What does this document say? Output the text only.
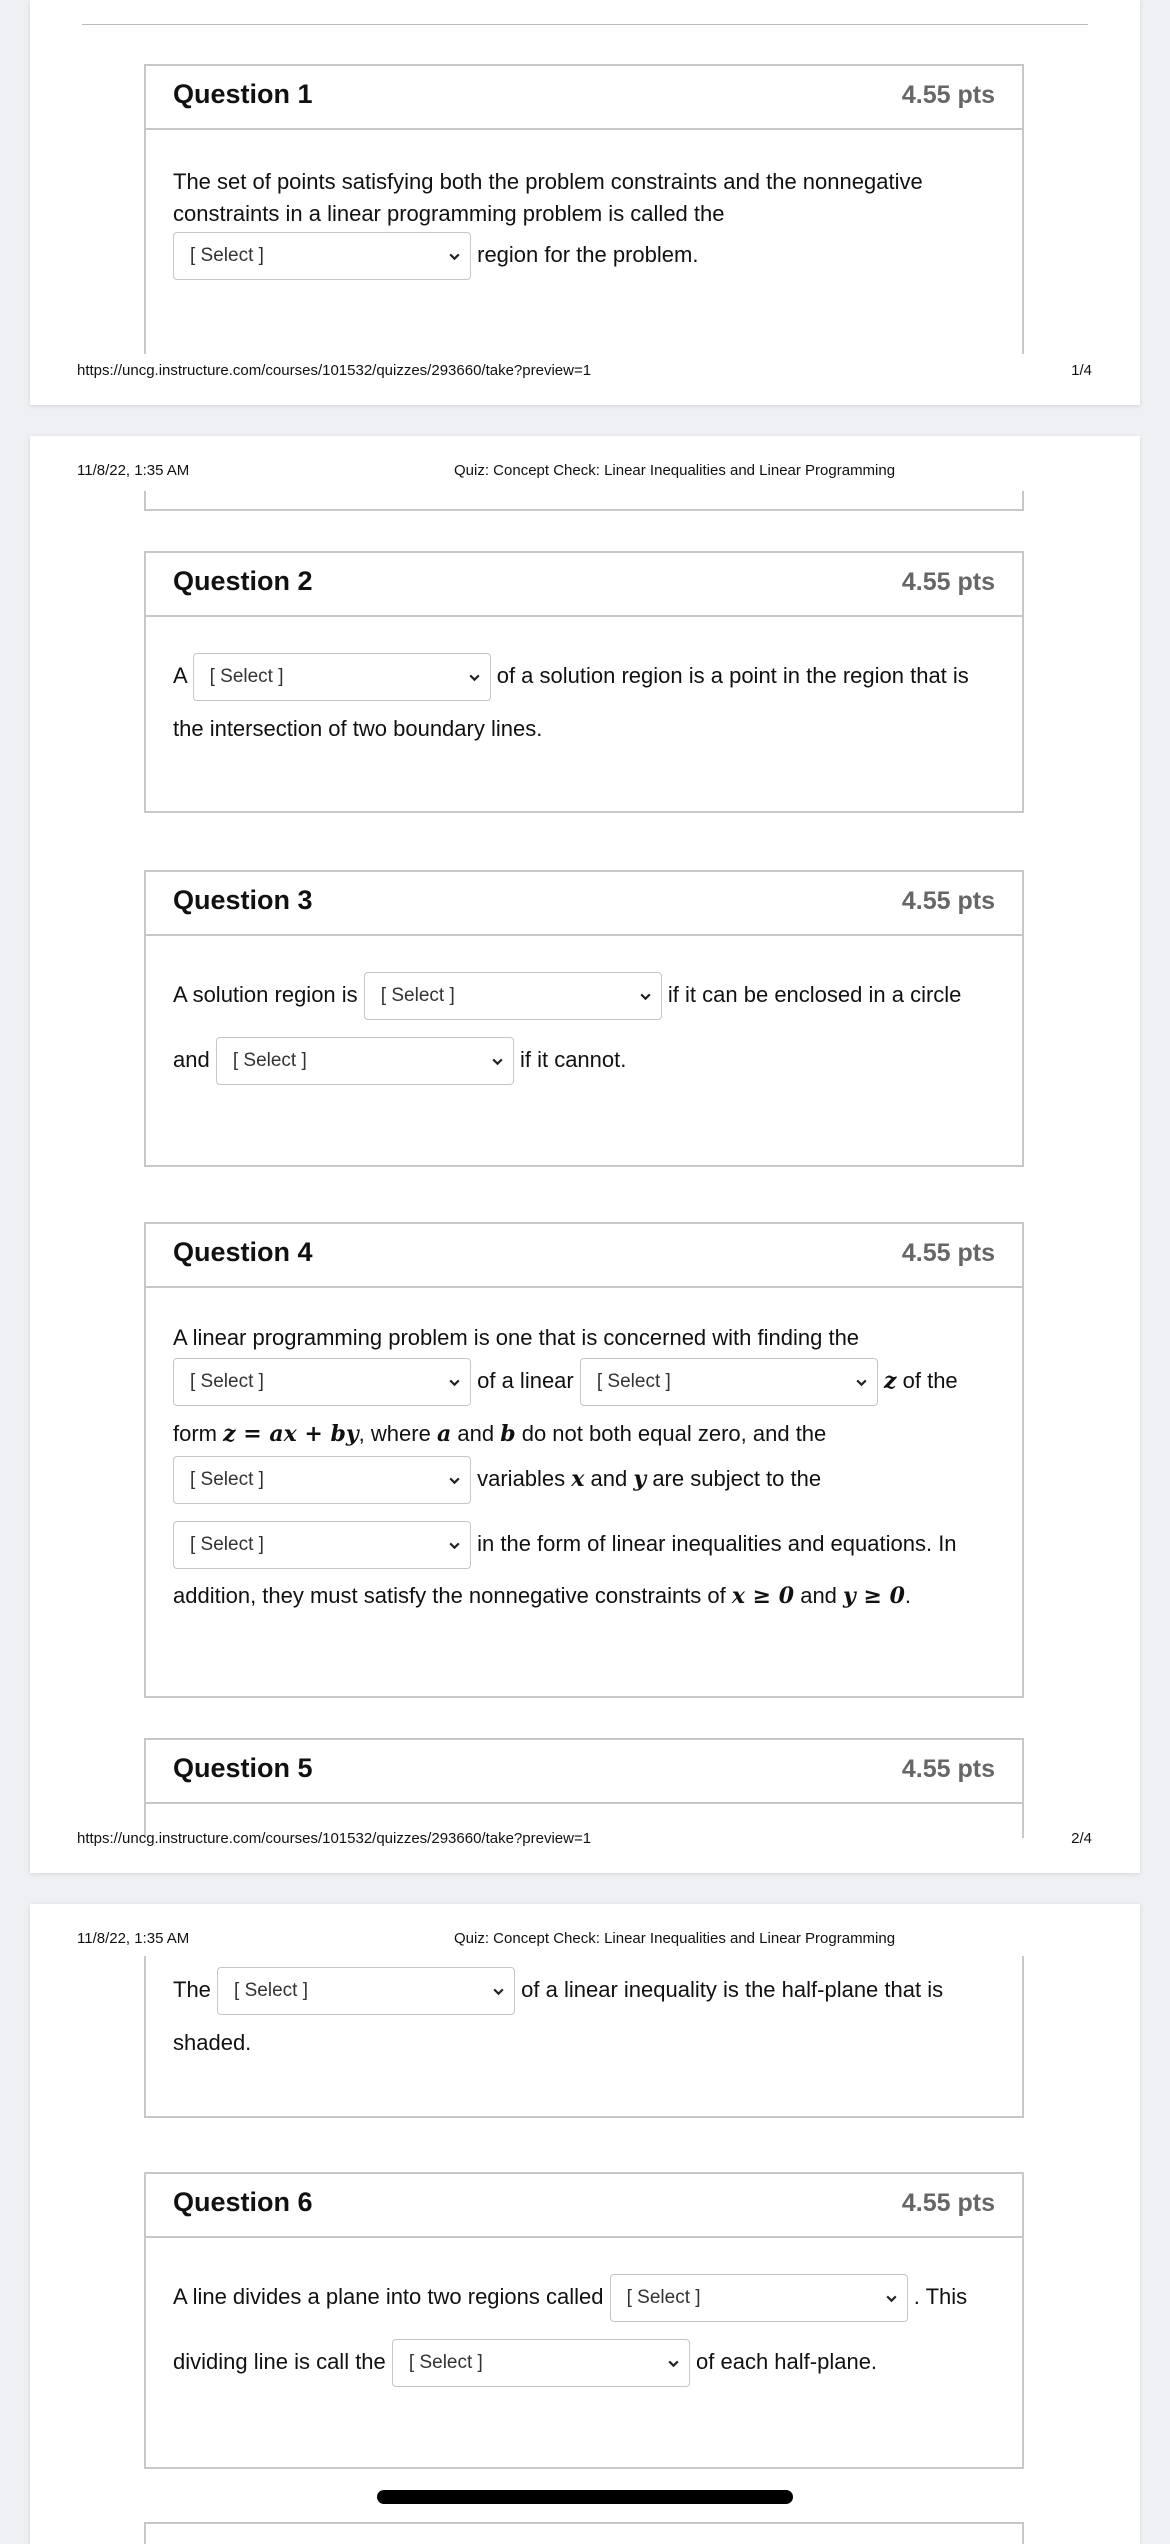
Question 1	4.55 pts
The set of points satisfying both the problem constraints and the nonnegative
constraints in a linear programming problem is called the
[ Select ]	region for the problem.
https://uncg.instructure.com/courses/101532/quizzes/293660/take?preview=1	1/4
11/8/22, 1:35 AM	Quiz: Concept Check: Linear Inequalities and Linear Programming
Question 2	4.55 pts
A [ Select ]	of a solution region is a point in the region that is
the intersection of two boundary lines.
Question 3	4.55 pts
A solution region is [ Select ]	if it can be enclosed in a circle
and [ Select ]	if it cannot.
Question 4	4.55 pts
A linear programming problem is one that is concerned with finding the
[ Select ]	of a linear [ Select ]	z of the
form z = ax + by, where a and b do not both equal zero, and the
[ Select ]	variables x and y are subject to the
[ Select ]	in the form of linear inequalities and equations. In
addition, they must satisfy the nonnegative constraints of x ≥ 0 and y ≥ 0.
Question 5	4.55 pts
https://uncg.instructure.com/courses/101532/quizzes/293660/take?preview=1	2/4
11/8/22, 1:35 AM	Quiz: Concept Check: Linear Inequalities and Linear Programming
The [ Select ]	of a linear inequality is the half-plane that is
shaded.
Question 6	4.55 pts
A line divides a plane into two regions called [ Select ]	. This
dividing line is call the [ Select ]	of each half-plane.
